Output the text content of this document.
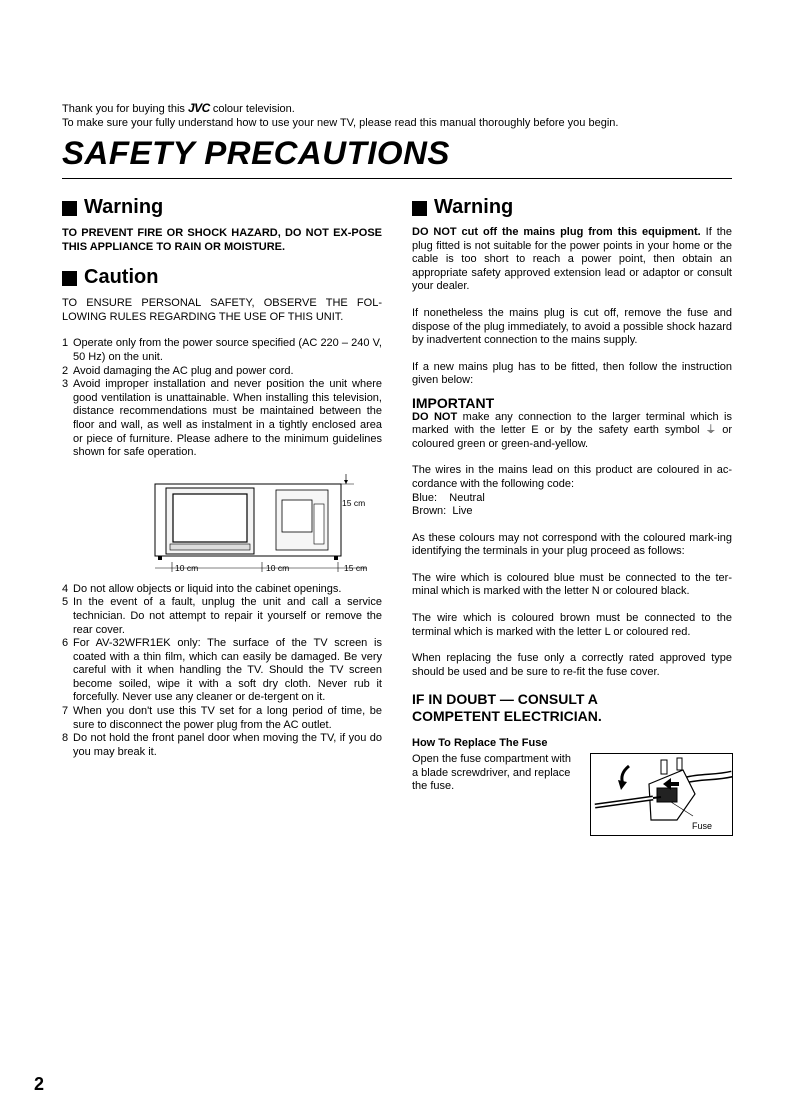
Thank you for buying this JVC colour television.
To make sure your fully understand how to use your new TV, please read this manual thoroughly before you begin.
SAFETY PRECAUTIONS
Warning

TO PREVENT FIRE OR SHOCK HAZARD, DO NOT EX-POSE THIS APPLIANCE TO RAIN OR MOISTURE.

Caution

TO ENSURE PERSONAL SAFETY, OBSERVE THE FOL-LOWING RULES REGARDING THE USE OF THIS UNIT.

1 Operate only from the power source specified (AC 220 – 240 V, 50 Hz) on the unit.
2 Avoid damaging the AC plug and power cord.
3 Avoid improper installation and never position the unit where good ventilation is unattainable. When installing this television, distance recommendations must be maintained between the floor and wall, as well as instalment in a tightly enclosed area or piece of furniture. Please adhere to the minimum guidelines shown for safe operation.
15 cm
10 cm	10 cm	15 cm
4 Do not allow objects or liquid into the cabinet openings.
5 In the event of a fault, unplug the unit and call a service technician. Do not attempt to repair it yourself or remove the rear cover.
6 For AV-32WFR1EK only: The surface of the TV screen is coated with a thin film, which can easily be damaged. Be very careful with it when handling the TV. Should the TV screen become soiled, wipe it with a soft dry cloth. Never rub it forcefully. Never use any cleaner or de-tergent on it.
7 When you don't use this TV set for a long period of time, be sure to disconnect the power plug from the AC outlet.
8 Do not hold the front panel door when moving the TV, if you do you may break it.
Warning

DO NOT cut off the mains plug from this equipment. If the plug fitted is not suitable for the power points in your home or the cable is too short to reach a power point, then obtain an appropriate safety approved extension lead or adaptor or consult your dealer.

If nonetheless the mains plug is cut off, remove the fuse and dispose of the plug immediately, to avoid a possible shock hazard by inadvertent connection to the mains supply.

If a new mains plug has to be fitted, then follow the instruction given below:

IMPORTANT

DO NOT make any connection to the larger terminal which is marked with the letter E or by the safety earth symbol ⏚ or coloured green or green-and-yellow.

The wires in the mains lead on this product are coloured in ac-cordance with the following code:

Blue:    Neutral
Brown:  Live

As these colours may not correspond with the coloured mark-ing identifying the terminals in your plug proceed as follows:

The wire which is coloured blue must be connected to the ter-minal which is marked with the letter N or coloured black.

The wire which is coloured brown must be connected to the terminal which is marked with the letter L or coloured red.

When replacing the fuse only a correctly rated approved type should be used and be sure to re-fit the fuse cover.

IF IN DOUBT — CONSULT A
COMPETENT ELECTRICIAN.
How To Replace The Fuse
Open the fuse compartment with a blade screwdriver, and replace the fuse.
Fuse
2
